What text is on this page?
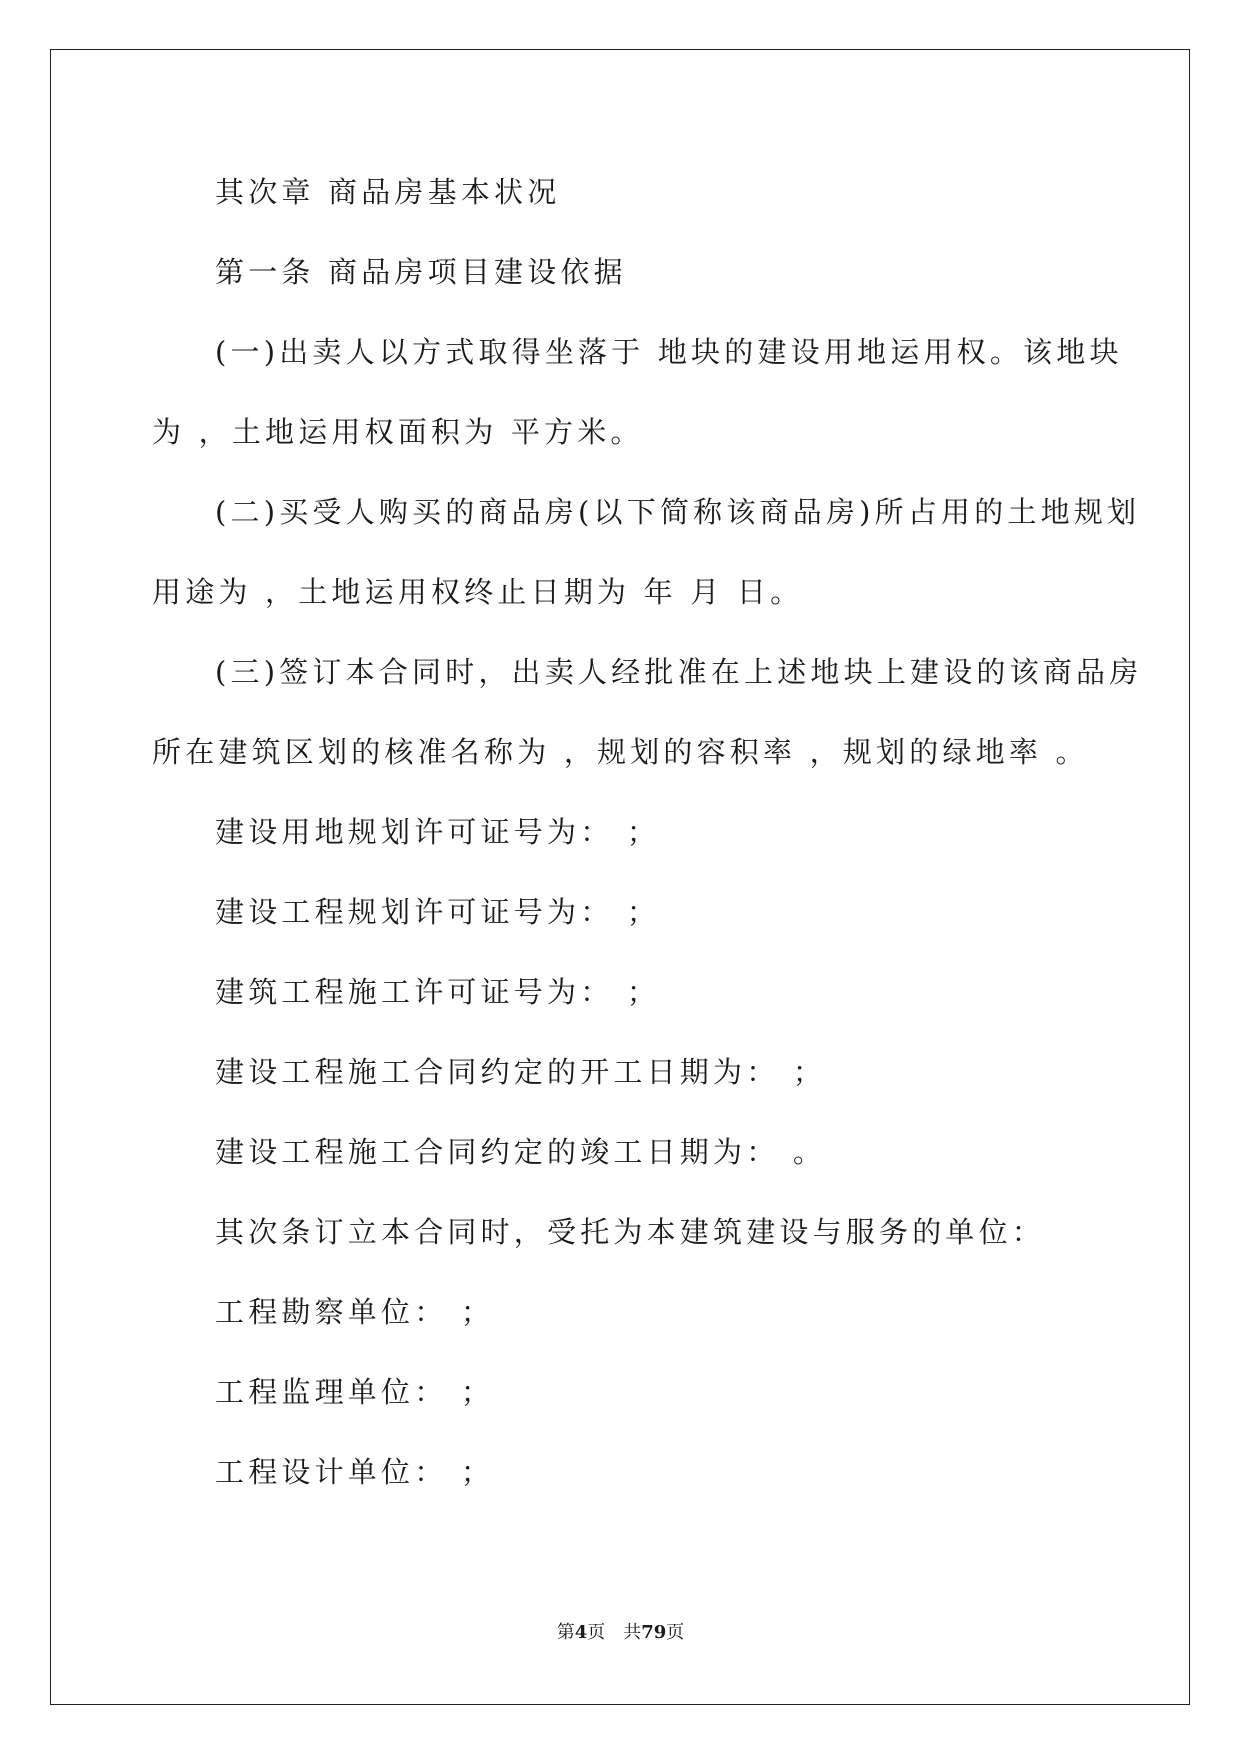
其次章 商品房基本状况
第一条 商品房项目建设依据
(一)出卖人以方式取得坐落于 地块的建设用地运用权。该地块
为 ，土地运用权面积为 平方米。
(二)买受人购买的商品房(以下简称该商品房)所占用的土地规划
用途为 ，土地运用权终止日期为 年 月 日。
(三)签订本合同时，出卖人经批准在上述地块上建设的该商品房
所在建筑区划的核准名称为 ，规划的容积率 ，规划的绿地率 。
建设用地规划许可证号为： ；
建设工程规划许可证号为： ；
建筑工程施工许可证号为： ；
建设工程施工合同约定的开工日期为： ；
建设工程施工合同约定的竣工日期为： 。
其次条订立本合同时，受托为本建筑建设与服务的单位：
工程勘察单位： ；
工程监理单位： ；
工程设计单位： ；
第4页 共79页
